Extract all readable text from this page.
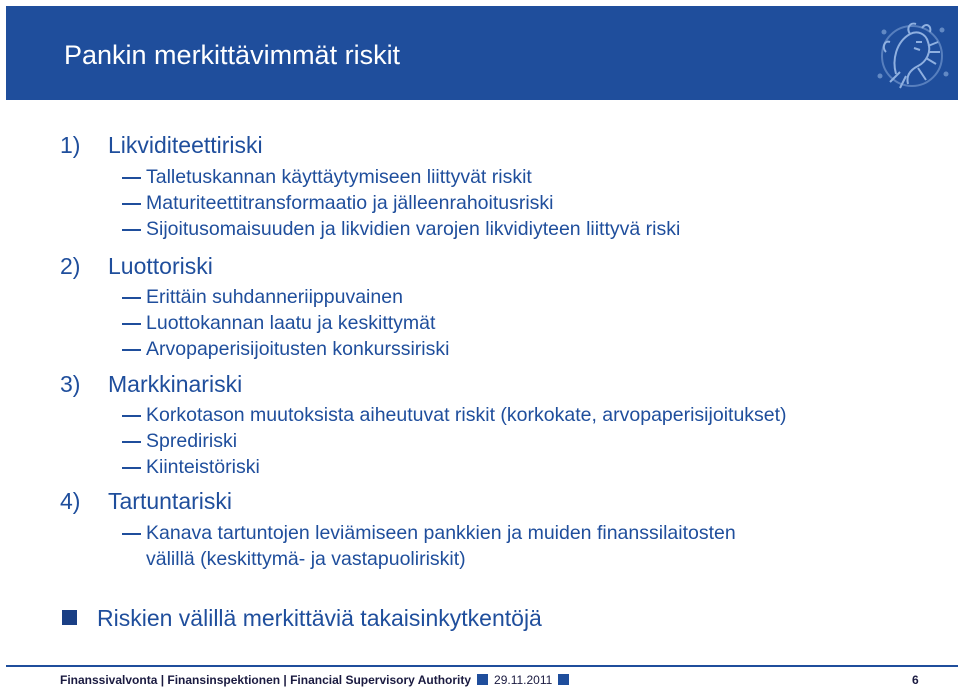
Pankin merkittävimmät riskit
1) Likviditeettiriski
Talletuskannan käyttäytymiseen liittyvät riskit
Maturiteettitransformaatio ja jälleenrahoitusriski
Sijoitusomaisuuden ja likvidien varojen likvidiyteen liittyvä riski
2) Luottoriski
Erittäin suhdanneriippuvainen
Luottokannan laatu ja keskittymät
Arvopaperisijoitusten konkurssiriski
3) Markkinariski
Korkotason muutoksista aiheutuvat riskit (korkokate, arvopaperisijoitukset)
Sprediriski
Kiinteistöriski
4) Tartuntariski
Kanava tartuntojen leviämiseen pankkien ja muiden finanssilaitosten
välillä (keskittymä- ja vastapuoliriskit)
Riskien välillä merkittäviä takaisinkytkentöjä
Finanssivalvonta | Finansinspektionen | Financial Supervisory Authority 29.11.2011	6
